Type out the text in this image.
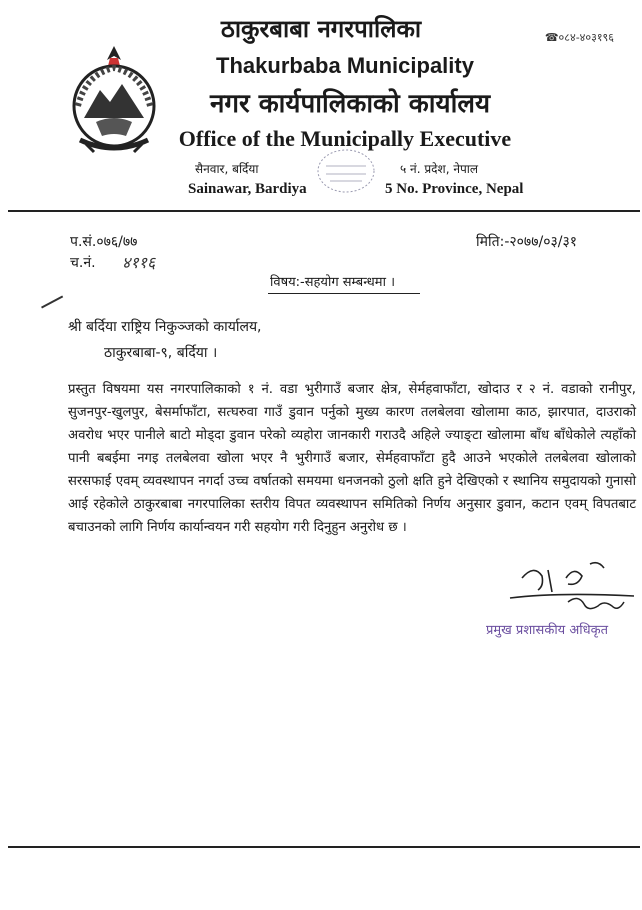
ठाकुरबाबा नगरपालिका	☎०८४-४०३१९६
Thakurbaba Municipality
नगर कार्यपालिकाको कार्यालय
Office of the Municipally Executive
सैनवार, बर्दिया	५ नं. प्रदेश, नेपाल
Sainawar, Bardiya	5 No. Province, Nepal
प.सं.०७६/७७
च.नं. ४११६
मिति:-२०७७/०३/३१
विषय:-सहयोग सम्बन्धमा ।
श्री बर्दिया राष्ट्रिय निकुञ्जको कार्यालय,
ठाकुरबाबा-९, बर्दिया ।
प्रस्तुत विषयमा यस नगरपालिकाको १ नं. वडा भुरीगाउँ बजार क्षेत्र, सेर्महवाफाँटा, खोदाउ र २ नं. वडाको रानीपुर, सुजनपुर-खुलपुर, बेसर्माफाँटा, सत्घरुवा गाउँ डुवान पर्नुको मुख्य कारण तलबेलवा खोलामा काठ, झारपात, दाउराको अवरोध भएर पानीले बाटो मोड्दा डुवान परेको व्यहोरा जानकारी गराउदै अहिले ज्याङ्टा खोलामा बाँध बाँधेकोले त्यहाँको पानी बबईमा नगइ तलबेलवा खोला भएर नै भुरीगाउँ बजार, सेर्महवाफाँटा हुदै आउने भएकोले तलबेलवा खोलाको सरसफाई एवम् व्यवस्थापन नगर्दा उच्च वर्षातको समयमा धनजनको ठुलो क्षति हुने देखिएको र स्थानिय समुदायको गुनासो आई रहेकोले ठाकुरबाबा नगरपालिका स्तरीय विपत व्यवस्थापन समितिको निर्णय अनुसार डुवान, कटान एवम् विपतबाट बचाउनको लागि निर्णय कार्यान्वयन गरी सहयोग गरी दिनुहुन अनुरोध छ ।
प्रमुख प्रशासकीय अधिकृत
